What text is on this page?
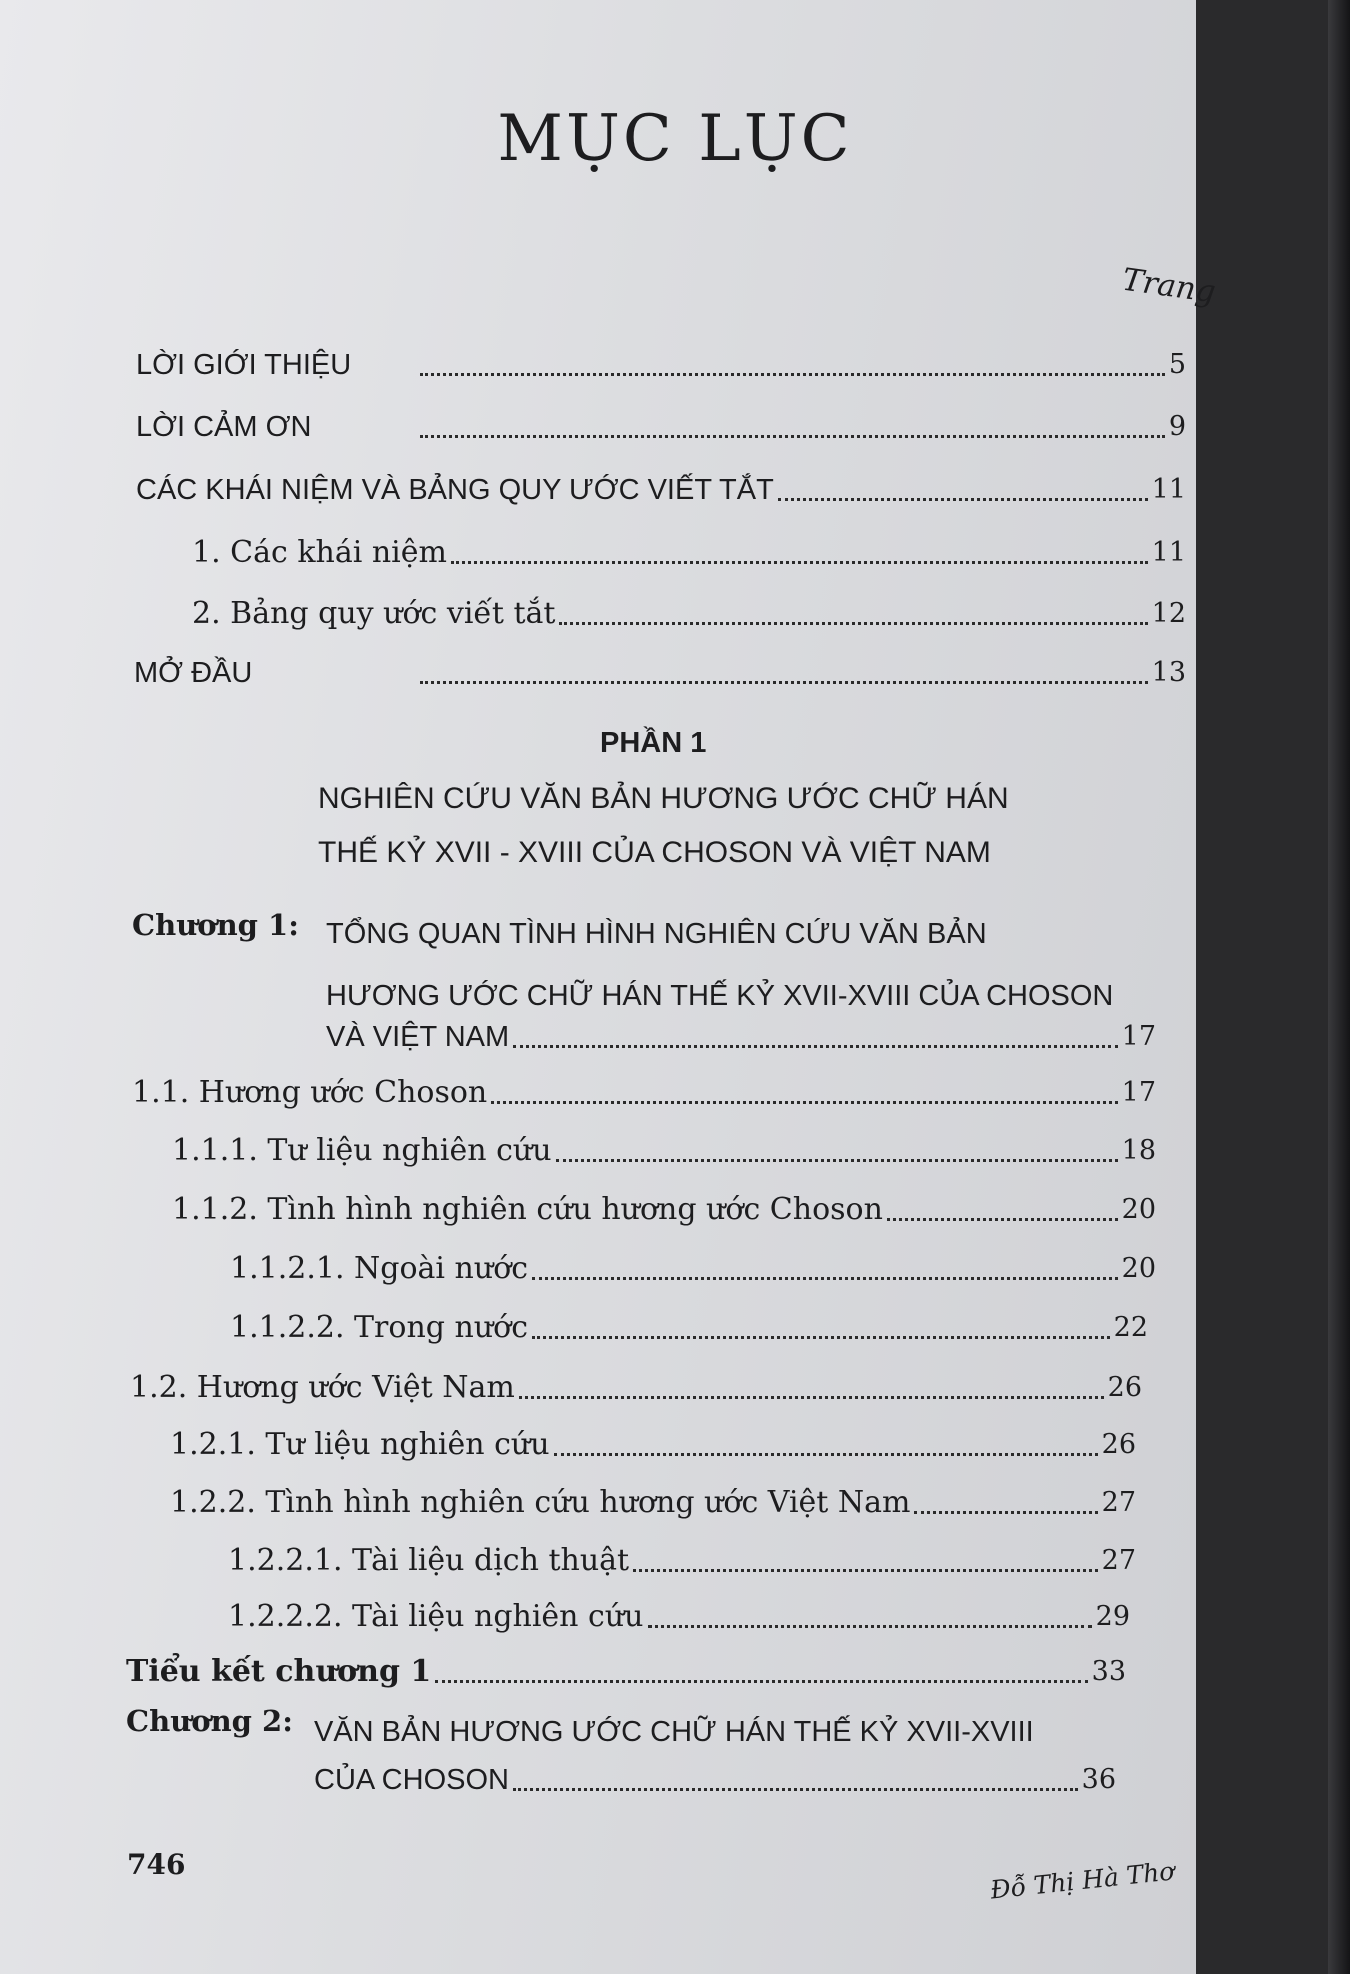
MỤC LỤC
Trang
LỜI GIỚI THIỆU	5
LỜI CẢM ƠN	9
CÁC KHÁI NIỆM VÀ BẢNG QUY ƯỚC VIẾT TẮT	11
1. Các khái niệm	11
2. Bảng quy ước viết tắt	12
MỞ ĐẦU	13
PHẦN 1
NGHIÊN CỨU VĂN BẢN HƯƠNG ƯỚC CHỮ HÁN
THẾ KỶ XVII - XVIII CỦA CHOSON VÀ VIỆT NAM
Chương 1: TỔNG QUAN TÌNH HÌNH NGHIÊN CỨU VĂN BẢN
HƯƠNG ƯỚC CHỮ HÁN THẾ KỶ XVII-XVIII CỦA CHOSON
VÀ VIỆT NAM	17
1.1. Hương ước Choson	17
1.1.1. Tư liệu nghiên cứu	18
1.1.2. Tình hình nghiên cứu hương ước Choson	20
1.1.2.1. Ngoài nước	20
1.1.2.2. Trong nước	22
1.2. Hương ước Việt Nam	26
1.2.1. Tư liệu nghiên cứu	26
1.2.2. Tình hình nghiên cứu hương ước Việt Nam	27
1.2.2.1. Tài liệu dịch thuật	27
1.2.2.2. Tài liệu nghiên cứu	29
Tiểu kết chương 1	33
Chương 2: VĂN BẢN HƯƠNG ƯỚC CHỮ HÁN THẾ KỶ XVII-XVIII
CỦA CHOSON	36
746	Đỗ Thị Hà Thơ
